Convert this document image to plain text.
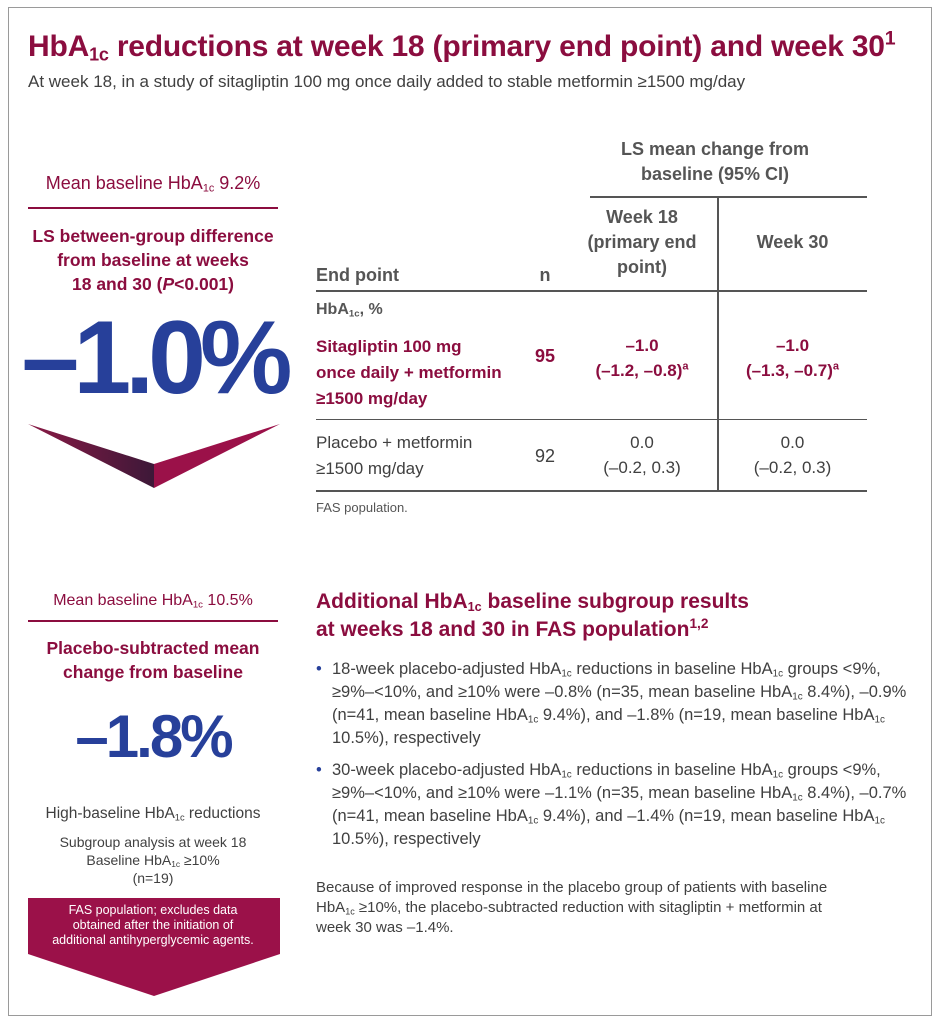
HbA$_{1c}$ reductions at week 18 (primary end point) and week $30^1$
At week 18, in a study of sitagliptin 100 mg once daily added to stable metformin ≥1500 mg/day
Mean baseline HbA$_{1c}$ 9.2%
LS between-group difference
from baseline at weeks
18 and 30 (P<0.001)
–1.0%
LS mean change from
baseline (95% CI)
Week 18
(primary end
point)
Week 30
End point	n
HbA$_{1c}$, %
Sitagliptin 100 mg
once daily + metformin
≥1500 mg/day
95
–1.0
(–1.2, –0.8)$^a$
–1.0
(–1.3, –0.7)$^a$
Placebo + metformin
≥1500 mg/day
92
0.0
(–0.2, 0.3)
0.0
(–0.2, 0.3)
FAS population.
Mean baseline HbA$_{1c}$ 10.5%
Placebo-subtracted mean
change from baseline
–1.8%
High-baseline HbA$_{1c}$ reductions
Subgroup analysis at week 18
Baseline HbA$_{1c}$ ≥10%
(n=19)
FAS population; excludes data obtained after the initiation of additional antihyperglycemic agents.
Additional HbA$_{1c}$ baseline subgroup results
at weeks 18 and 30 in FAS population$^{1,2}$
• 18-week placebo-adjusted HbA$_{1c}$ reductions in baseline HbA$_{1c}$ groups <9%, ≥9%–<10%, and ≥10% were –0.8% (n=35, mean baseline HbA$_{1c}$ 8.4%), –0.9% (n=41, mean baseline HbA$_{1c}$ 9.4%), and –1.8% (n=19, mean baseline HbA$_{1c}$ 10.5%), respectively
• 30-week placebo-adjusted HbA$_{1c}$ reductions in baseline HbA$_{1c}$ groups <9%, ≥9%–<10%, and ≥10% were –1.1% (n=35, mean baseline HbA$_{1c}$ 8.4%), –0.7% (n=41, mean baseline HbA$_{1c}$ 9.4%), and –1.4% (n=19, mean baseline HbA$_{1c}$ 10.5%), respectively
Because of improved response in the placebo group of patients with baseline HbA$_{1c}$ ≥10%, the placebo-subtracted reduction with sitagliptin + metformin at week 30 was –1.4%.
